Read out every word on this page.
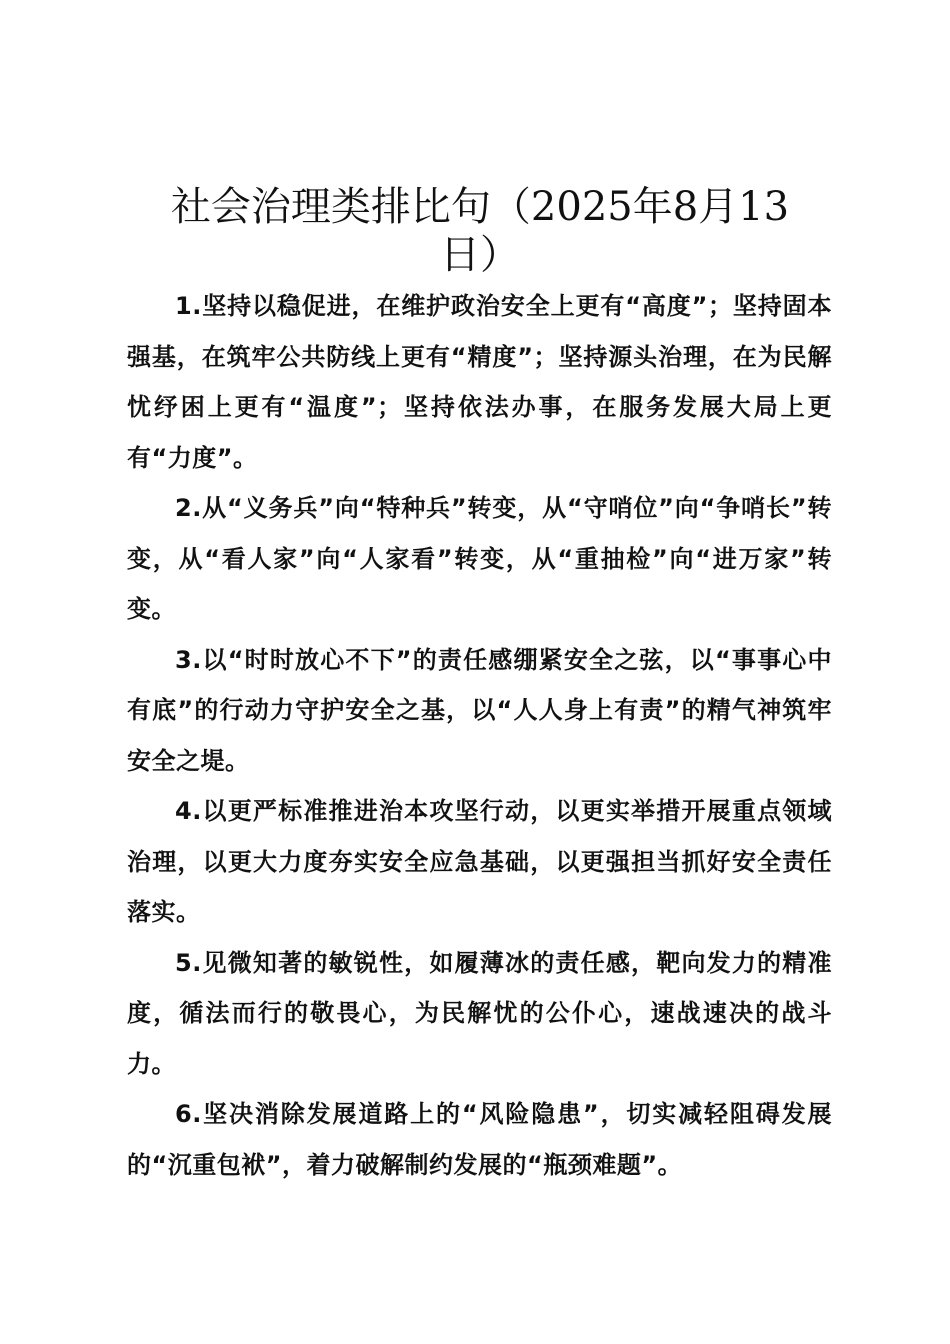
社会治理类排比句（2025年8月13日）

1.坚持以稳促进，在维护政治安全上更有“高度”；坚持固本强基，在筑牢公共防线上更有“精度”；坚持源头治理，在为民解忧纾困上更有“温度”；坚持依法办事，在服务发展大局上更有“力度”。

2.从“义务兵”向“特种兵”转变，从“守哨位”向“争哨长”转变，从“看人家”向“人家看”转变，从“重抽检”向“进万家”转变。

3.以“时时放心不下”的责任感绷紧安全之弦，以“事事心中有底”的行动力守护安全之基，以“人人身上有责”的精气神筑牢安全之堤。

4.以更严标准推进治本攻坚行动，以更实举措开展重点领域治理，以更大力度夯实安全应急基础，以更强担当抓好安全责任落实。

5.见微知著的敏锐性，如履薄冰的责任感，靶向发力的精准度，循法而行的敬畏心，为民解忧的公仆心，速战速决的战斗力。

6.坚决消除发展道路上的“风险隐患”，切实减轻阻碍发展的“沉重包袱”，着力破解制约发展的“瓶颈难题”。
